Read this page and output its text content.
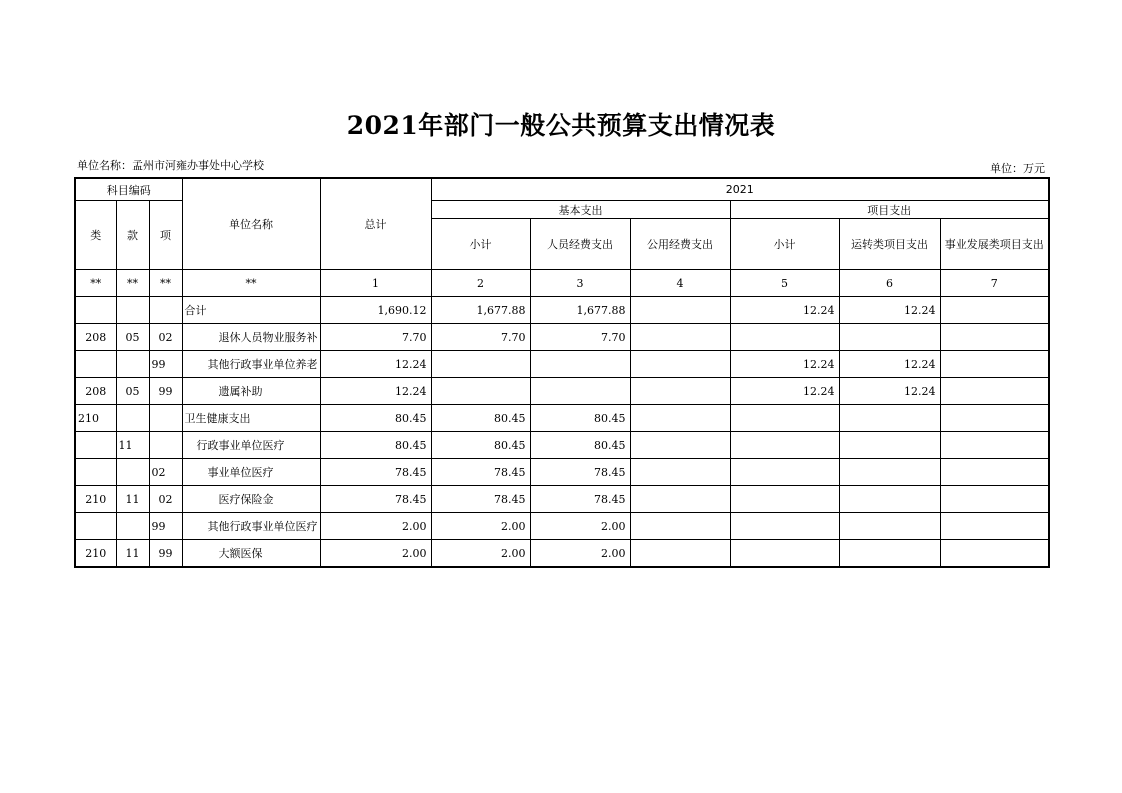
2021年部门一般公共预算支出情况表
单位名称：孟州市河雍办事处中心学校	单位：万元
科目编码			单位名称	总计	2021					
类	款	项			基本支出			项目支出		
					小计	人员经费支出	公用经费支出	小计	运转类项目支出	事业发展类项目支出
**	**	**	**	1	2	3	4	5	6	7
			合计	1,690.12	1,677.88	1,677.88		12.24	12.24	
208	05	02	退休人员物业服务补	7.70	7.70	7.70				
		99	其他行政事业单位养老	12.24				12.24	12.24	
208	05	99	遗属补助	12.24				12.24	12.24	
210			卫生健康支出	80.45	80.45	80.45				
	11		行政事业单位医疗	80.45	80.45	80.45				
		02	事业单位医疗	78.45	78.45	78.45				
210	11	02	医疗保险金	78.45	78.45	78.45				
		99	其他行政事业单位医疗	2.00	2.00	2.00				
210	11	99	大额医保	2.00	2.00	2.00				
